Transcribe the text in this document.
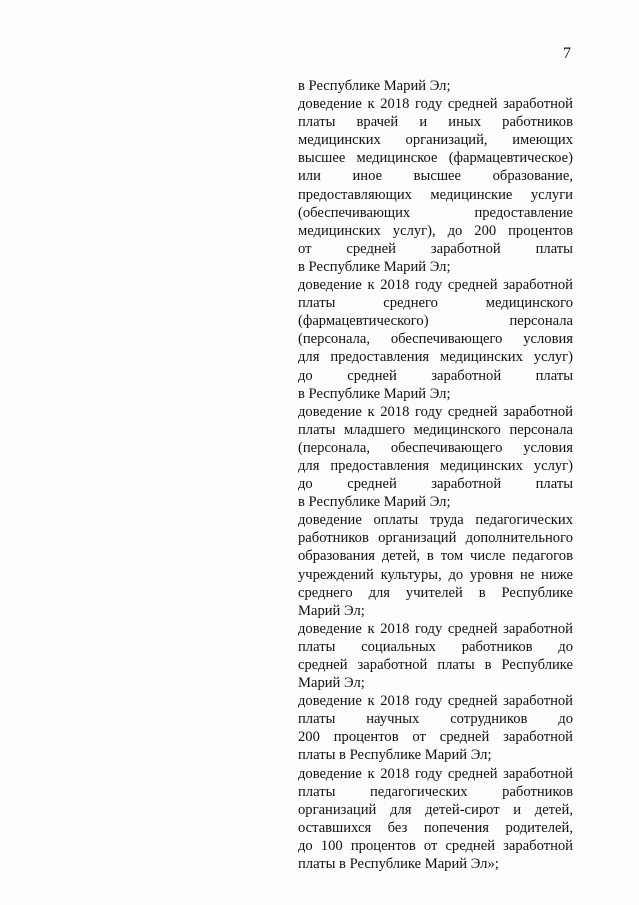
7
в Республике Марий Эл;
доведение к 2018 году средней заработной
платы врачей и иных работников
медицинских организаций, имеющих
высшее медицинское (фармацевтическое)
или иное высшее образование,
предоставляющих медицинские услуги
(обеспечивающих предоставление
медицинских услуг), до 200 процентов
от средней заработной платы
в Республике Марий Эл;
доведение к 2018 году средней заработной
платы среднего медицинского
(фармацевтического) персонала
(персонала, обеспечивающего условия
для предоставления медицинских услуг)
до средней заработной платы
в Республике Марий Эл;
доведение к 2018 году средней заработной
платы младшего медицинского персонала
(персонала, обеспечивающего условия
для предоставления медицинских услуг)
до средней заработной платы
в Республике Марий Эл;
доведение оплаты труда педагогических
работников организаций дополнительного
образования детей, в том числе педагогов
учреждений культуры, до уровня не ниже
среднего для учителей в Республике
Марий Эл;
доведение к 2018 году средней заработной
платы социальных работников до
средней заработной платы в Республике
Марий Эл;
доведение к 2018 году средней заработной
платы научных сотрудников до
200 процентов от средней заработной
платы в Республике Марий Эл;
доведение к 2018 году средней заработной
платы педагогических работников
организаций для детей-сирот и детей,
оставшихся без попечения родителей,
до 100 процентов от средней заработной
платы в Республике Марий Эл»;
